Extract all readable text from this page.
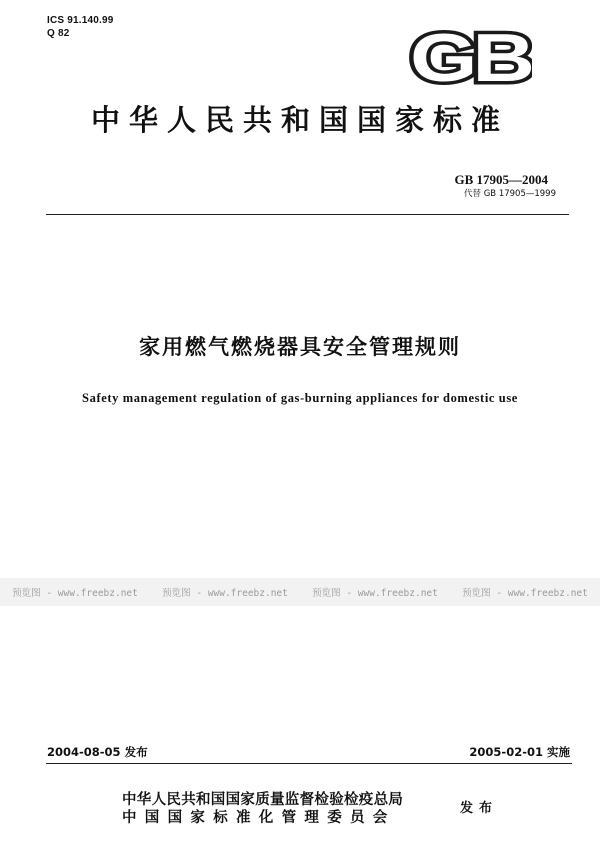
ICS 91.140.99
Q 82	GB
中华人民共和国国家标准
GB 17905—2004
代替 GB 17905—1999
家用燃气燃烧器具安全管理规则
Safety management regulation of gas-burning appliances for domestic use
预览图 - www.freebz.net	预览图 - www.freebz.net	预览图 - www.freebz.net	预览图 - www.freebz.net
2004-08-05 发布	2005-02-01 实施
中华人民共和国国家质量监督检验检疫总局
中国国家标准化管理委员会
发布
